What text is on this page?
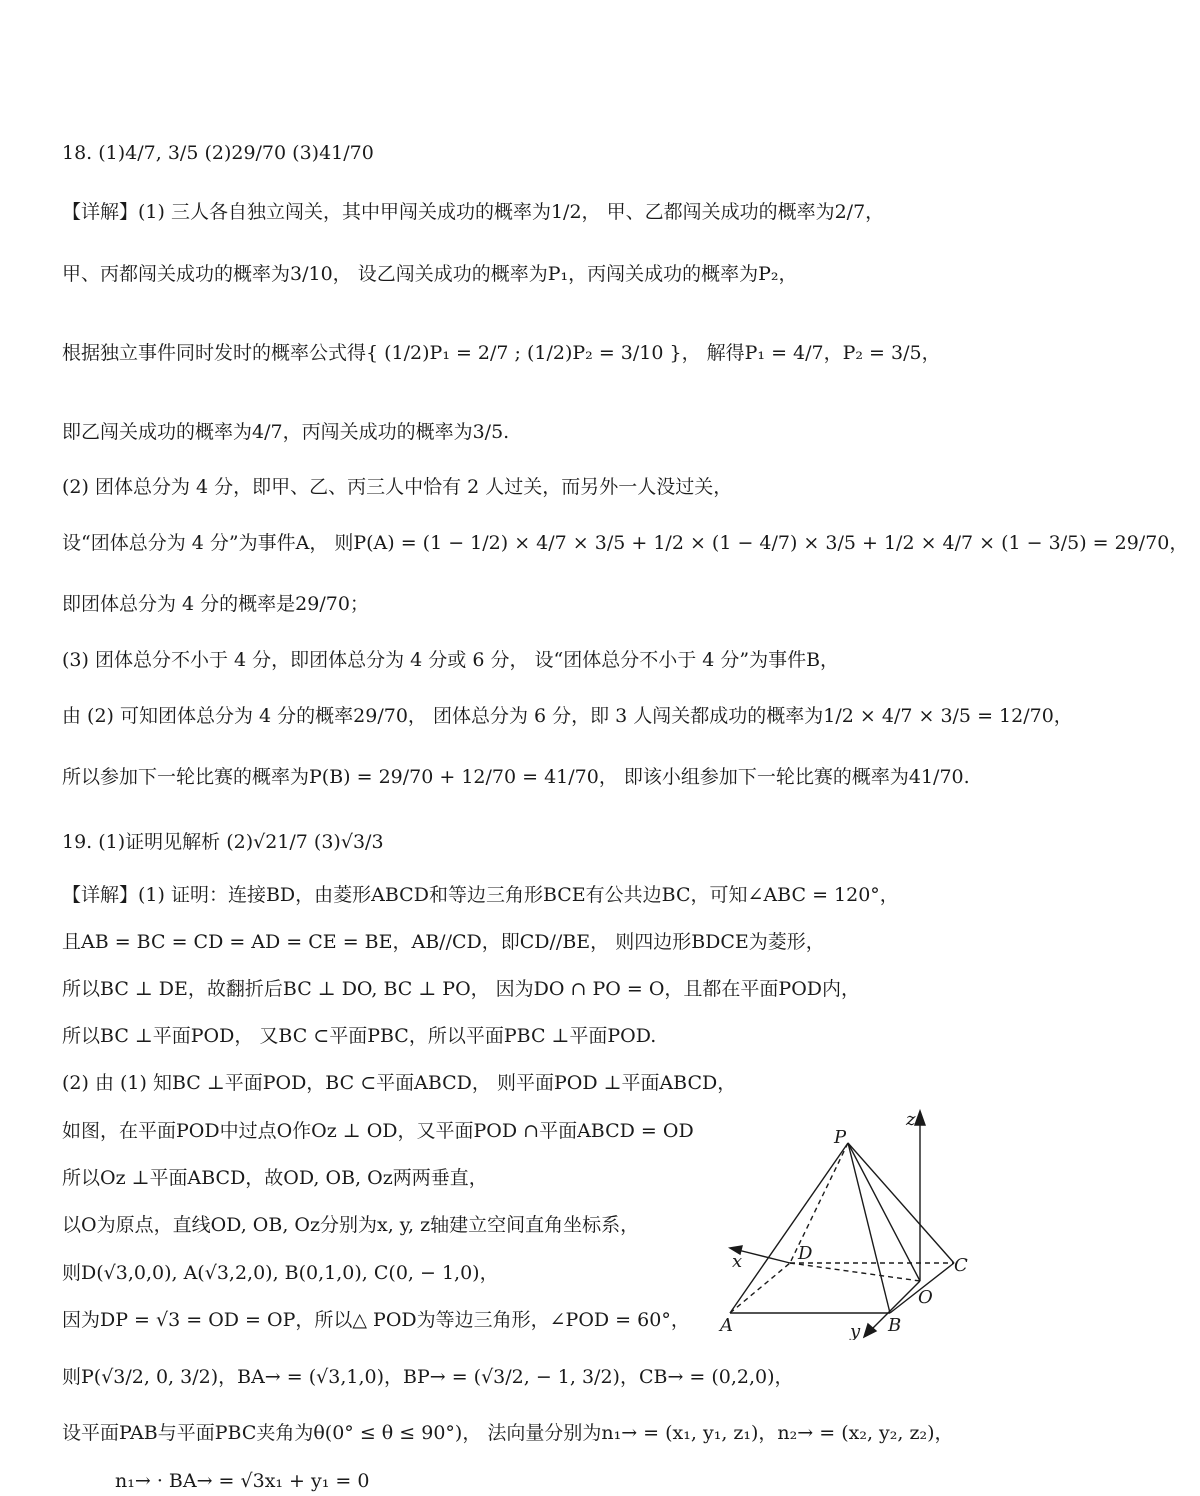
18. (1)4/7, 3/5 (2)29/70 (3)41/70
【详解】(1) 三人各自独立闯关，其中甲闯关成功的概率为1/2， 甲、乙都闯关成功的概率为2/7，
甲、丙都闯关成功的概率为3/10， 设乙闯关成功的概率为P₁，丙闯关成功的概率为P₂，
根据独立事件同时发时的概率公式得{ (1/2)P₁ = 2/7 ; (1/2)P₂ = 3/10 }， 解得P₁ = 4/7，P₂ = 3/5，
即乙闯关成功的概率为4/7，丙闯关成功的概率为3/5.
(2) 团体总分为 4 分，即甲、乙、丙三人中恰有 2 人过关，而另外一人没过关，
设“团体总分为 4 分”为事件A， 则P(A) = (1 − 1/2) × 4/7 × 3/5 + 1/2 × (1 − 4/7) × 3/5 + 1/2 × 4/7 × (1 − 3/5) = 29/70，
即团体总分为 4 分的概率是29/70；
(3) 团体总分不小于 4 分，即团体总分为 4 分或 6 分， 设“团体总分不小于 4 分”为事件B，
由 (2) 可知团体总分为 4 分的概率29/70， 团体总分为 6 分，即 3 人闯关都成功的概率为1/2 × 4/7 × 3/5 = 12/70，
所以参加下一轮比赛的概率为P(B) = 29/70 + 12/70 = 41/70， 即该小组参加下一轮比赛的概率为41/70.
19. (1)证明见解析 (2)√21/7 (3)√3/3
【详解】(1) 证明：连接BD，由菱形ABCD和等边三角形BCE有公共边BC，可知∠ABC = 120°，
且AB = BC = CD = AD = CE = BE，AB//CD，即CD//BE， 则四边形BDCE为菱形，
所以BC ⊥ DE，故翻折后BC ⊥ DO, BC ⊥ PO， 因为DO ∩ PO = O，且都在平面POD内，
所以BC ⊥平面POD， 又BC ⊂平面PBC，所以平面PBC ⊥平面POD.
(2) 由 (1) 知BC ⊥平面POD，BC ⊂平面ABCD， 则平面POD ⊥平面ABCD，
如图，在平面POD中过点O作Oz ⊥ OD，又平面POD ∩平面ABCD = OD
所以Oz ⊥平面ABCD，故OD, OB, Oz两两垂直，
以O为原点，直线OD, OB, Oz分别为x, y, z轴建立空间直角坐标系，
则D(√3,0,0), A(√3,2,0), B(0,1,0), C(0, − 1,0)，
因为DP = √3 = OD = OP，所以△ POD为等边三角形，∠POD = 60°，
则P(√3/2, 0, 3/2)，BA→ = (√3,1,0)，BP→ = (√3/2, − 1, 3/2)，CB→ = (0,2,0)，
设平面PAB与平面PBC夹角为θ(0° ≤ θ ≤ 90°)， 法向量分别为n₁→ = (x₁, y₁, z₁)，n₂→ = (x₂, y₂, z₂)，
n₁→ · BA→ = √3x₁ + y₁ = 0
P
z
x	D
C
O
A	B
y
